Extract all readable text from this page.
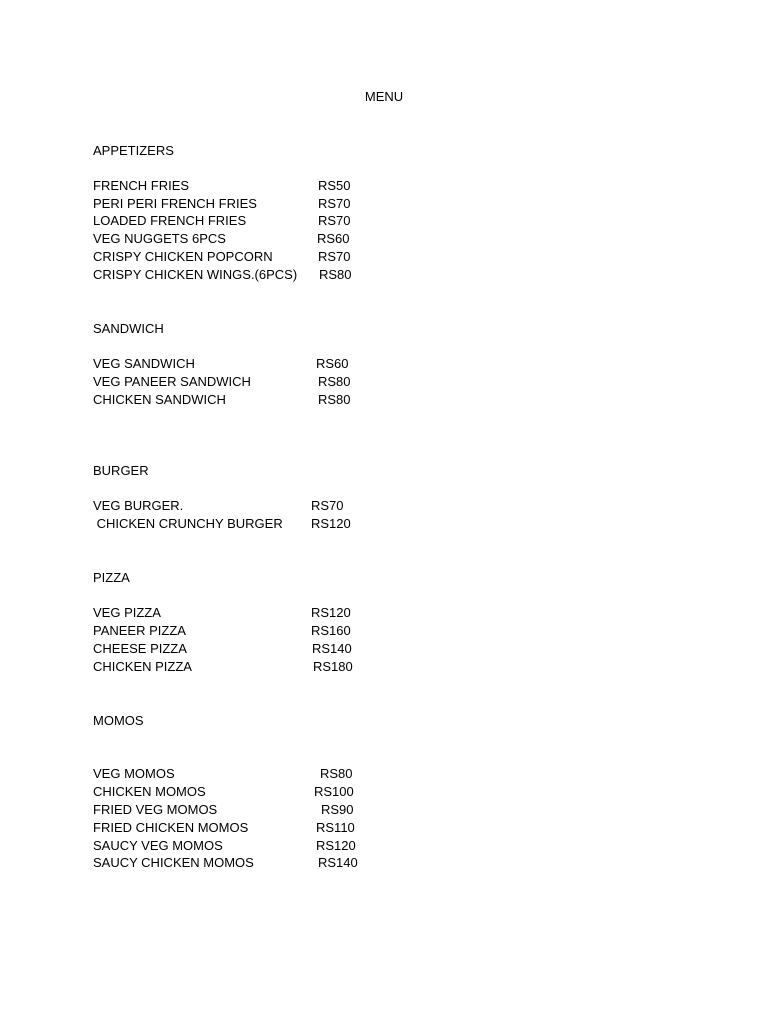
MENU
APPETIZERS
FRENCH FRIES	RS50
PERI PERI FRENCH FRIES	RS70
LOADED FRENCH FRIES	RS70
VEG NUGGETS 6PCS	RS60
CRISPY CHICKEN POPCORN	RS70
CRISPY CHICKEN WINGS.(6PCS) RS80
SANDWICH
VEG SANDWICH	RS60
VEG PANEER SANDWICH	RS80
CHICKEN SANDWICH	RS80
BURGER
VEG BURGER.	RS70
CHICKEN CRUNCHY BURGER RS120
PIZZA
VEG PIZZA	RS120
PANEER PIZZA	RS160
CHEESE PIZZA	RS140
CHICKEN PIZZA	RS180
MOMOS
VEG MOMOS	RS80
CHICKEN MOMOS	RS100
FRIED VEG MOMOS	RS90
FRIED CHICKEN MOMOS	RS110
SAUCY VEG MOMOS	RS120
SAUCY CHICKEN MOMOS	RS140
